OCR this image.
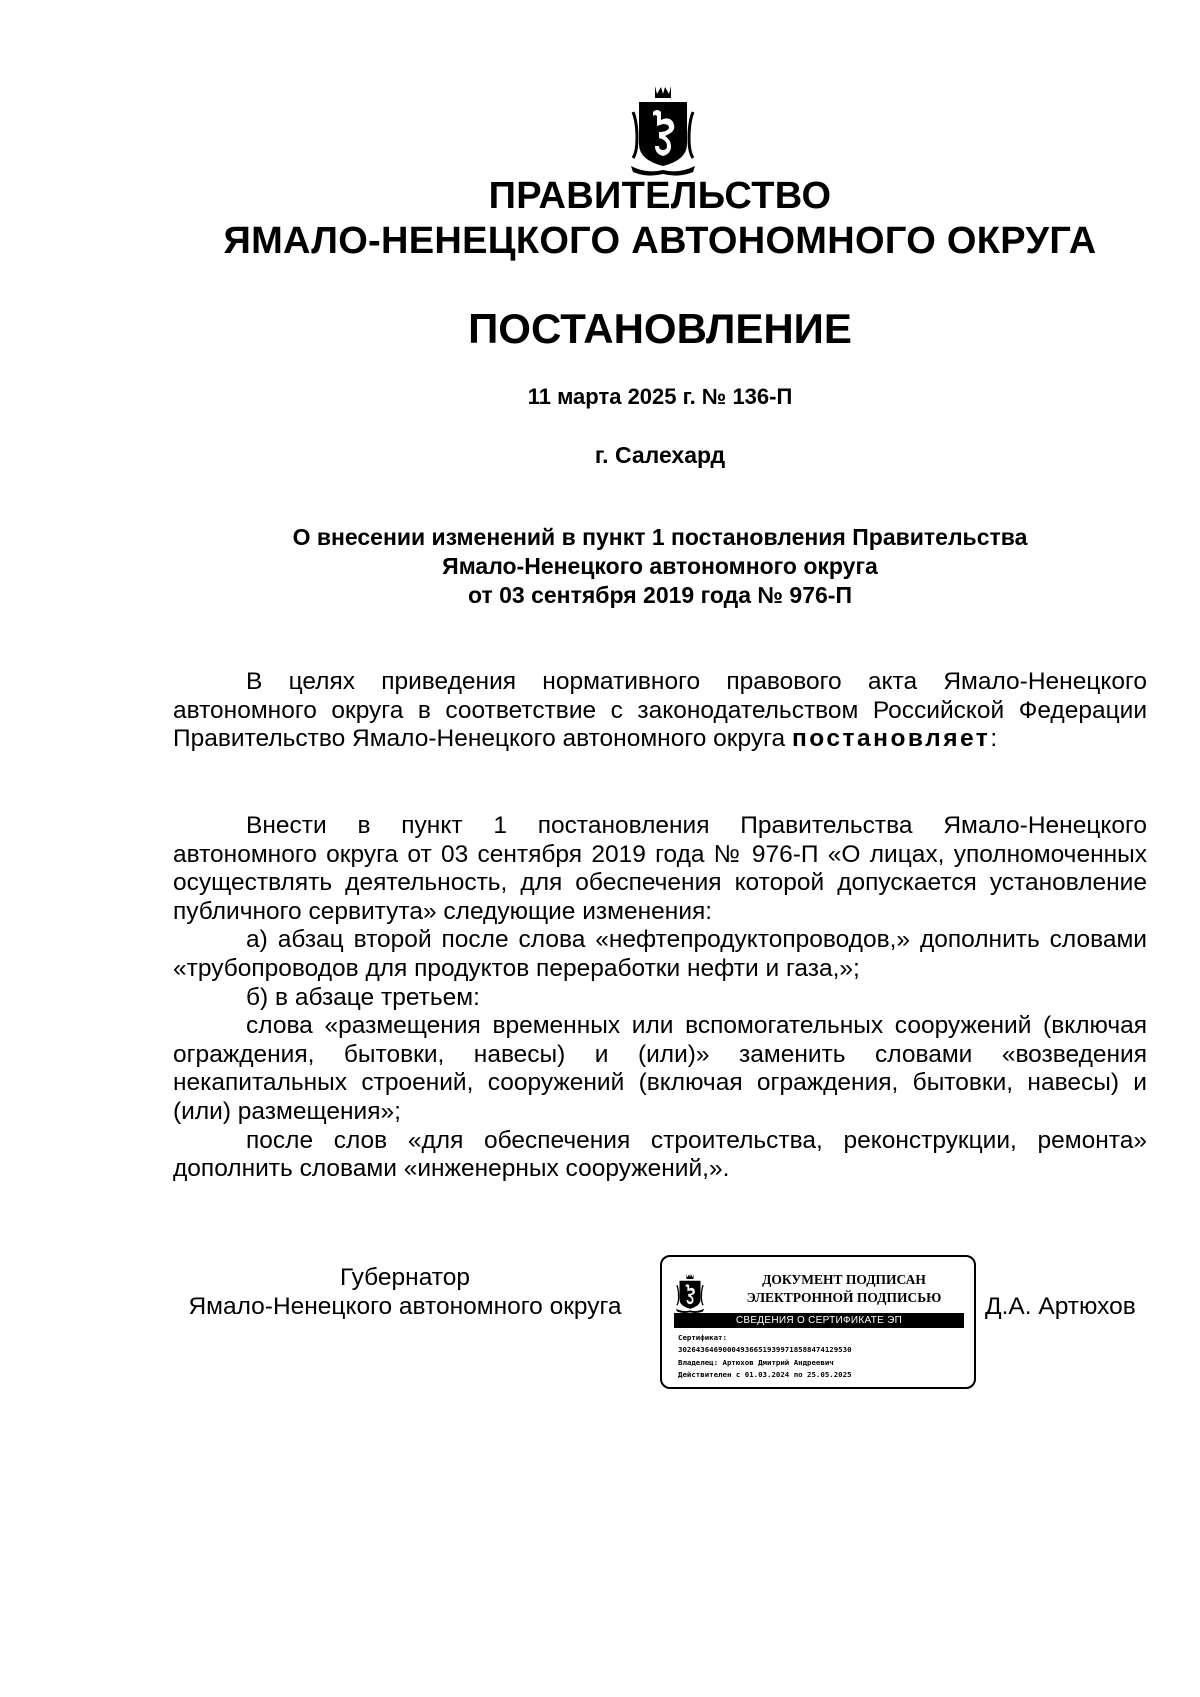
ПРАВИТЕЛЬСТВО
ЯМАЛО-НЕНЕЦКОГО АВТОНОМНОГО ОКРУГА
ПОСТАНОВЛЕНИЕ
11 марта 2025 г. № 136-П
г. Салехард
О внесении изменений в пункт 1 постановления Правительства
Ямало-Ненецкого автономного округа
от 03 сентября 2019 года № 976-П

В целях приведения нормативного правового акта Ямало-Ненецкого автономного округа в соответствие с законодательством Российской Федерации Правительство Ямало-Ненецкого автономного округа постановляет:

Внести в пункт 1 постановления Правительства Ямало-Ненецкого автономного округа от 03 сентября 2019 года № 976-П «О лицах, уполномоченных осуществлять деятельность, для обеспечения которой допускается установление публичного сервитута» следующие изменения:

а) абзац второй после слова «нефтепродуктопроводов,» дополнить словами «трубопроводов для продуктов переработки нефти и газа,»;

б) в абзаце третьем:

слова «размещения временных или вспомогательных сооружений (включая ограждения, бытовки, навесы) и (или)» заменить словами «возведения некапитальных строений, сооружений (включая ограждения, бытовки, навесы) и (или) размещения»;

после слов «для обеспечения строительства, реконструкции, ремонта» дополнить словами «инженерных сооружений,».

Губернатор
Ямало-Ненецкого автономного округа
ДОКУМЕНТ ПОДПИСАН
ЭЛЕКТРОННОЙ ПОДПИСЬЮ
СВЕДЕНИЯ О СЕРТИФИКАТЕ ЭП
Сертификат:
3026436469000493665193997185884741295З0
Владелец: Артюхов Дмитрий Андреевич
Действителен с 01.03.2024 по 25.05.2025
Д.А. Артюхов
